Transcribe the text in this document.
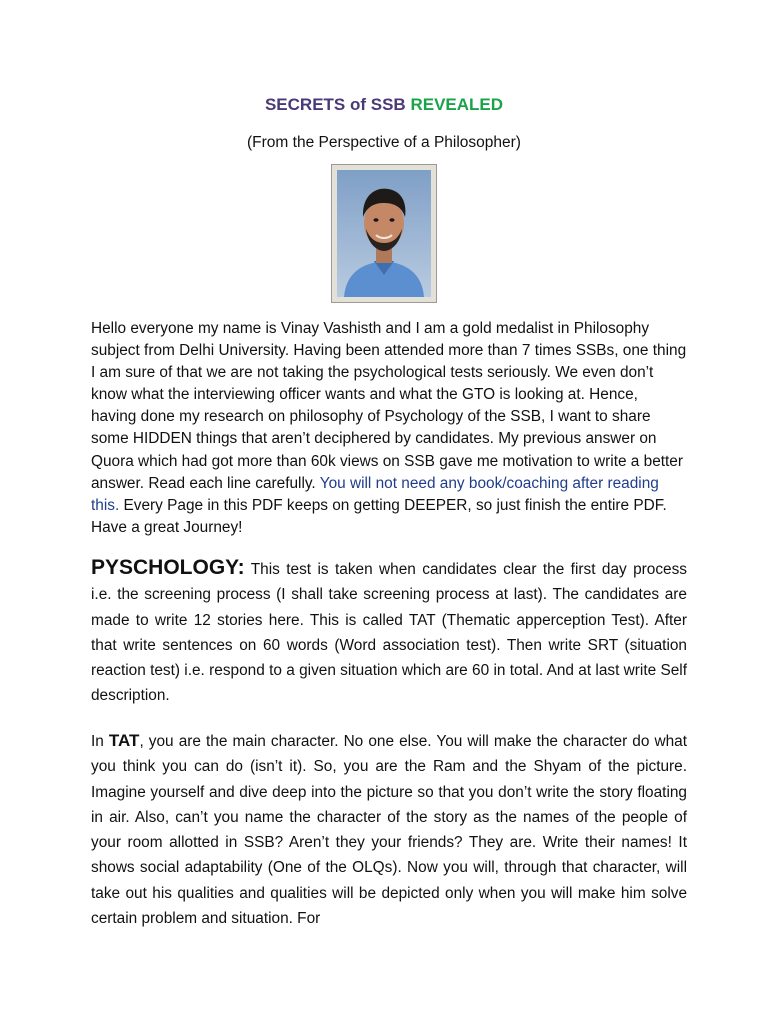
SECRETS of SSB REVEALED
(From the Perspective of a Philosopher)
Hello everyone my name is Vinay Vashisth and I am a gold medalist in Philosophy subject from Delhi University. Having been attended more than 7 times SSBs, one thing I am sure of that we are not taking the psychological tests seriously. We even don’t know what the interviewing officer wants and what the GTO is looking at. Hence, having done my research on philosophy of Psychology of the SSB, I want to share some HIDDEN things that aren’t deciphered by candidates. My previous answer on Quora which had got more than 60k views on SSB gave me motivation to write a better answer. Read each line carefully. You will not need any book/coaching after reading this. Every Page in this PDF keeps on getting DEEPER, so just finish the entire PDF. Have a great Journey!
PYSCHOLOGY: This test is taken when candidates clear the first day process i.e. the screening process (I shall take screening process at last). The candidates are made to write 12 stories here. This is called TAT (Thematic apperception Test). After that write sentences on 60 words (Word association test). Then write SRT (situation reaction test) i.e. respond to a given situation which are 60 in total. And at last write Self description.
In TAT, you are the main character. No one else. You will make the character do what you think you can do (isn’t it). So, you are the Ram and the Shyam of the picture. Imagine yourself and dive deep into the picture so that you don’t write the story floating in air. Also, can’t you name the character of the story as the names of the people of your room allotted in SSB? Aren’t they your friends? They are. Write their names! It shows social adaptability (One of the OLQs). Now you will, through that character, will take out his qualities and qualities will be depicted only when you will make him solve certain problem and situation. For
